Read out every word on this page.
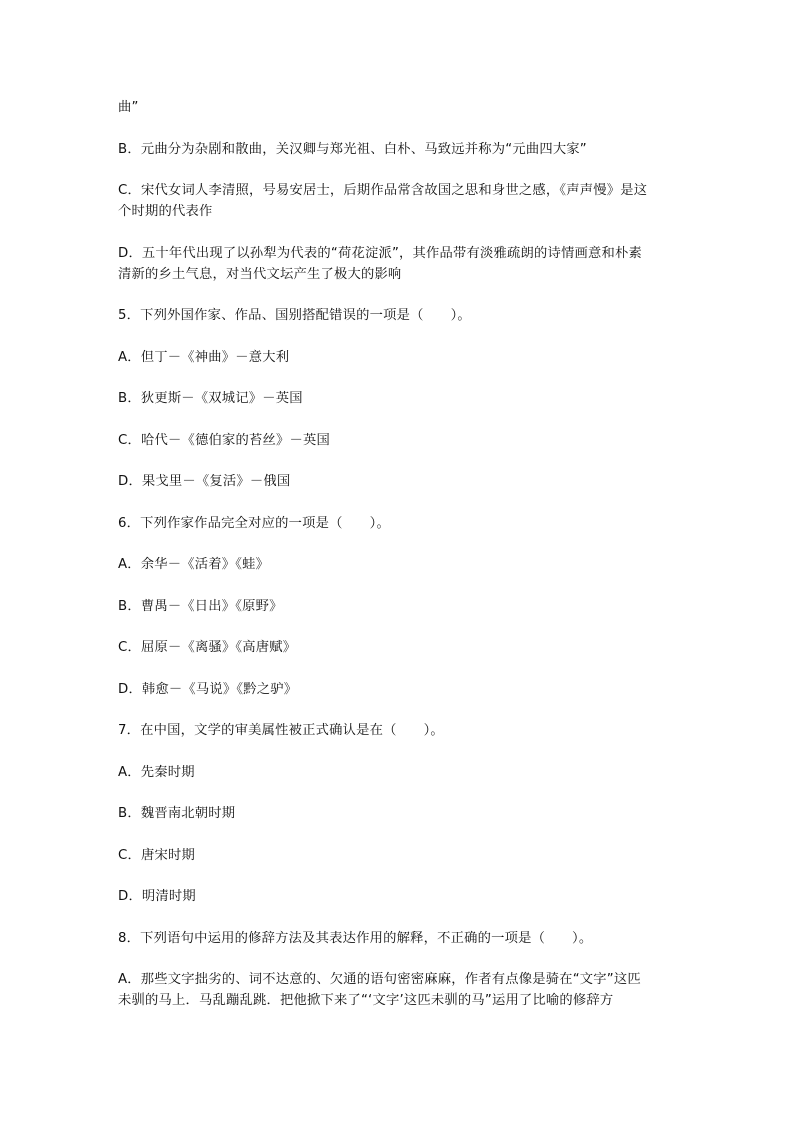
曲”
B．元曲分为杂剧和散曲，关汉卿与郑光祖、白朴、马致远并称为“元曲四大家”
C．宋代女词人李清照，号易安居士，后期作品常含故国之思和身世之感，《声声慢》是这
个时期的代表作
D．五十年代出现了以孙犁为代表的“荷花淀派”，其作品带有淡雅疏朗的诗情画意和朴素
清新的乡土气息，对当代文坛产生了极大的影响
5．下列外国作家、作品、国别搭配错误的一项是（　　）。
A．但丁－《神曲》－意大利
B．狄更斯－《双城记》－英国
C．哈代－《德伯家的苔丝》－英国
D．果戈里－《复活》－俄国
6．下列作家作品完全对应的一项是（　　）。
A．余华－《活着》《蛙》
B．曹禺－《日出》《原野》
C．屈原－《离骚》《高唐赋》
D．韩愈－《马说》《黔之驴》
7．在中国，文学的审美属性被正式确认是在（　　）。
A．先秦时期
B．魏晋南北朝时期
C．唐宋时期
D．明清时期
8．下列语句中运用的修辞方法及其表达作用的解释，不正确的一项是（　　）。
A．那些文字拙劣的、词不达意的、欠通的语句密密麻麻，作者有点像是骑在“文字”这匹
未驯的马上．马乱蹦乱跳．把他掀下来了“‘文字’这匹未驯的马”运用了比喻的修辞方
